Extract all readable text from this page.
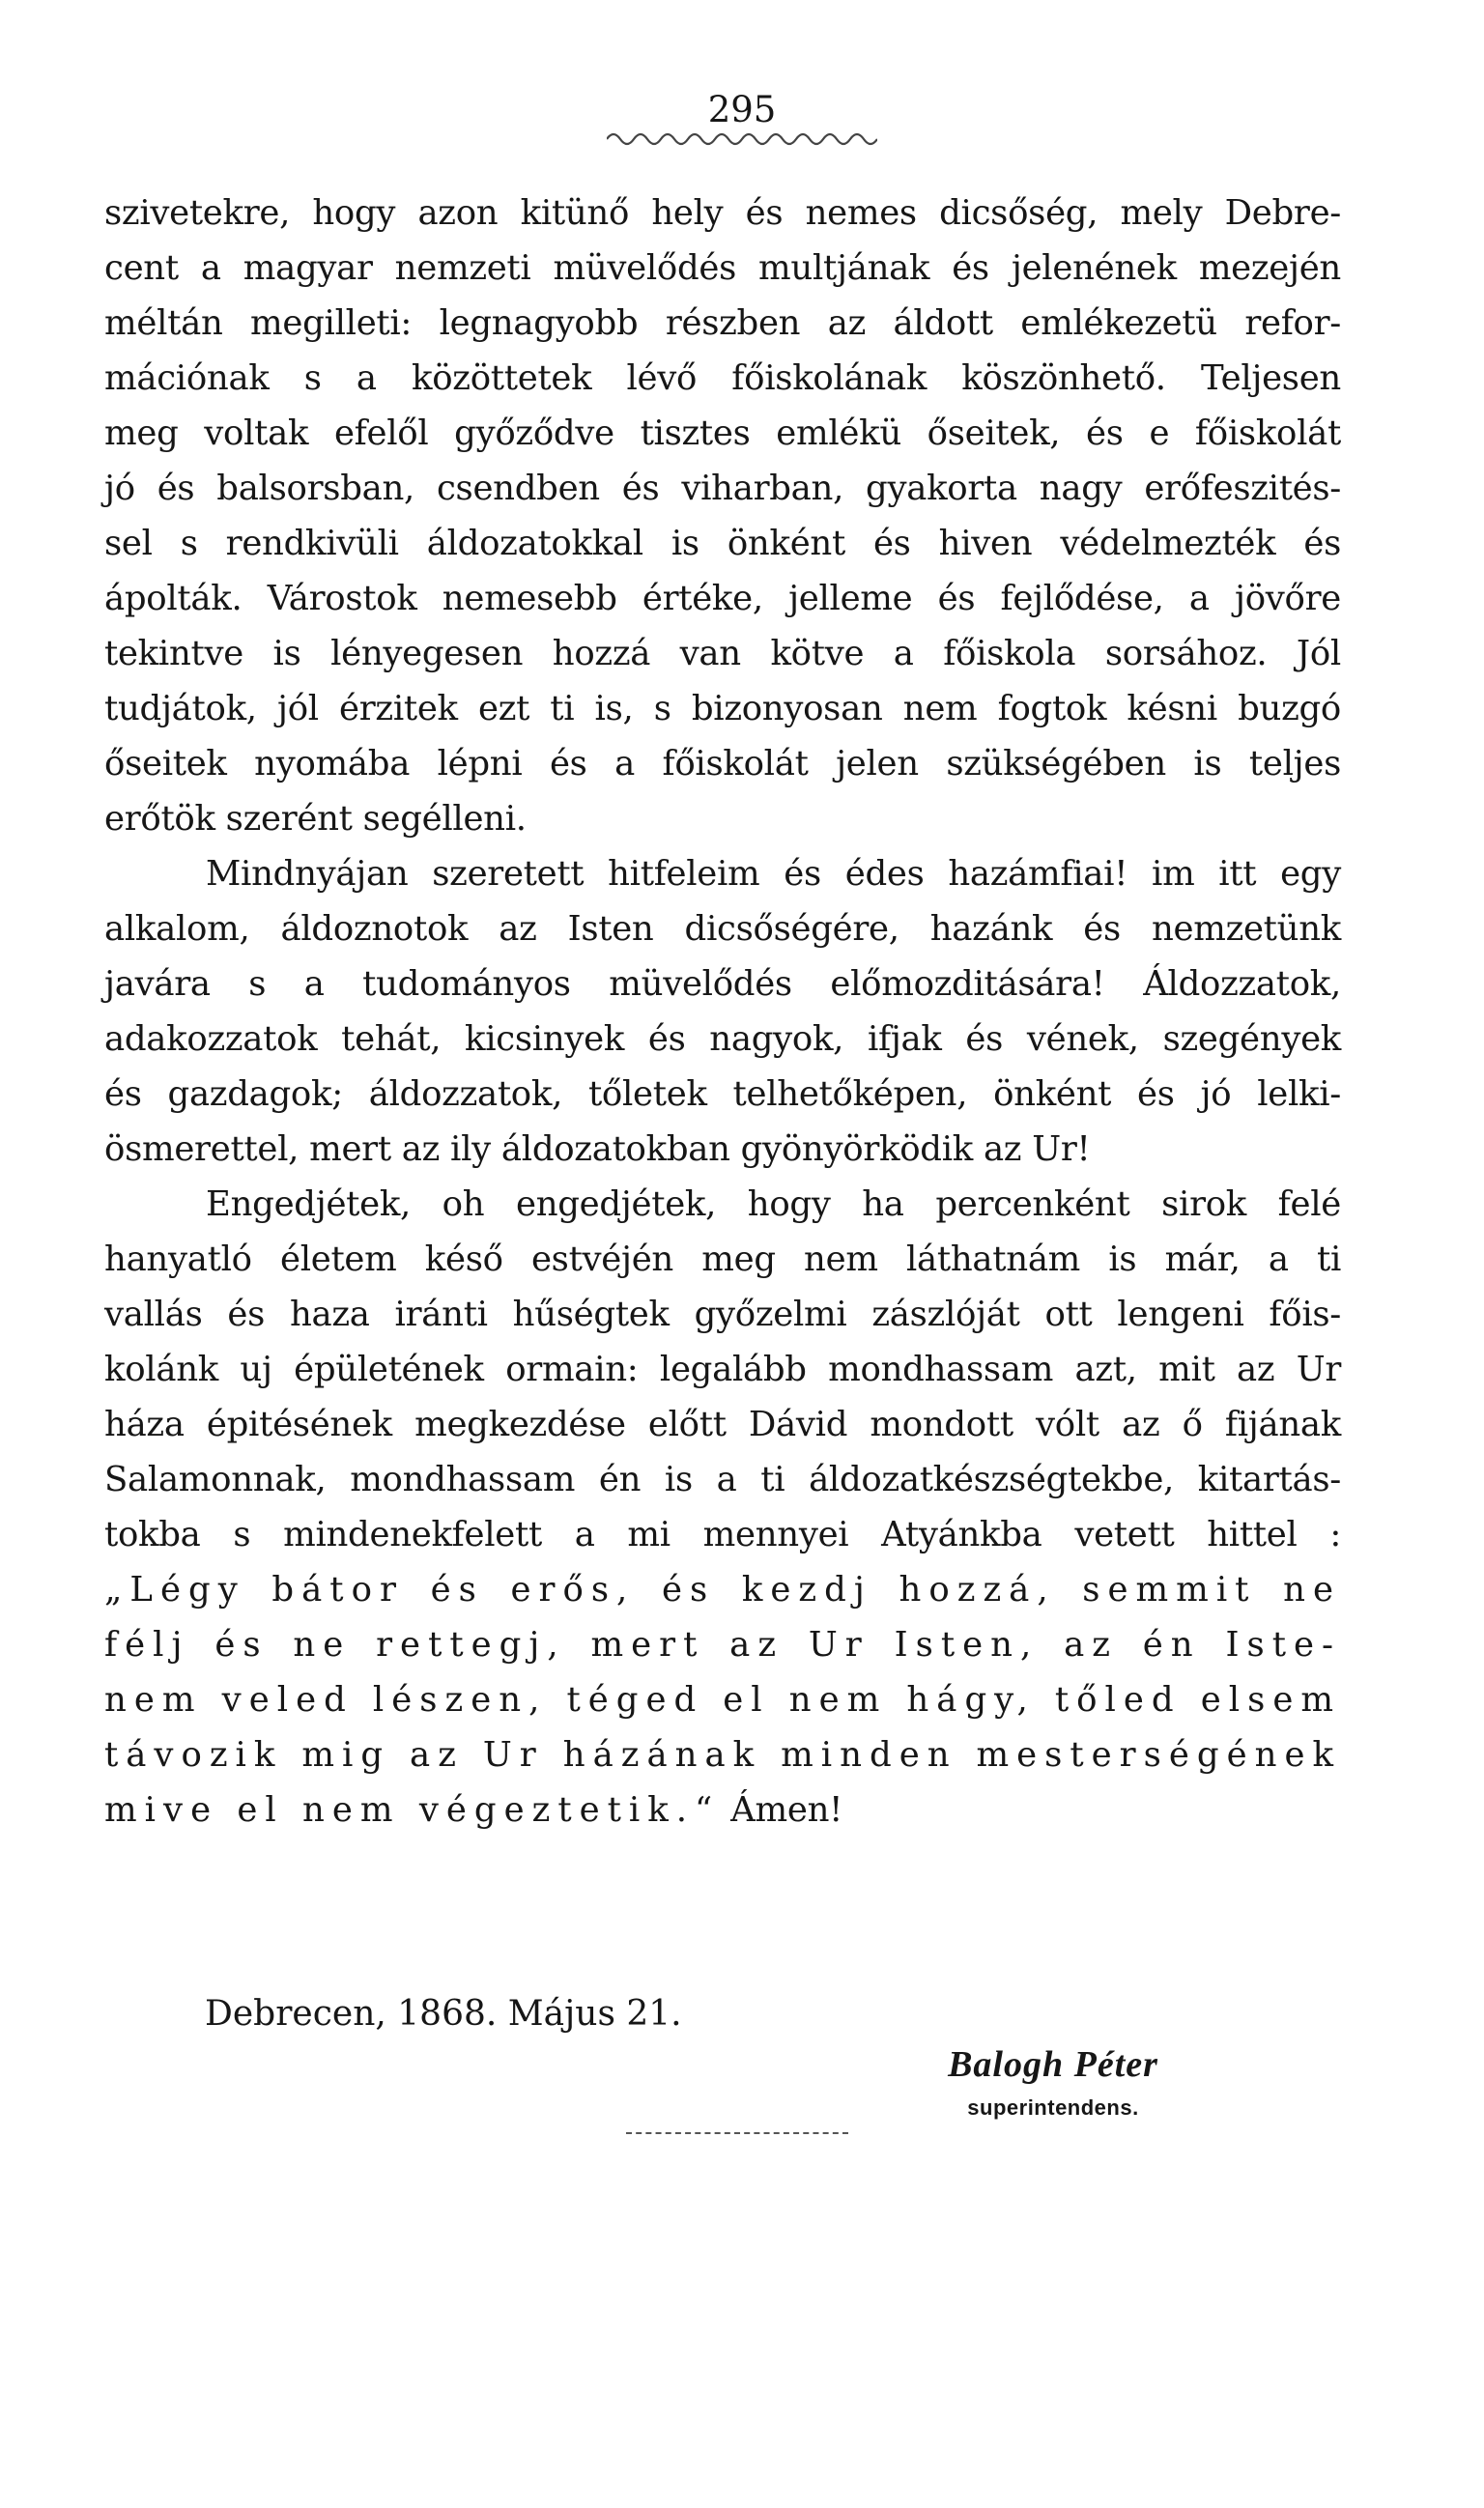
295
szivetekre, hogy azon kitünő hely és nemes dicsőség, mely Debre-
cent a magyar nemzeti müvelődés multjának és jelenének mezején
méltán megilleti: legnagyobb részben az áldott emlékezetü refor-
mációnak s a közöttetek lévő főiskolának köszönhető. Teljesen
meg voltak efelől győződve tisztes emlékü őseitek, és e főiskolát
jó és balsorsban, csendben és viharban, gyakorta nagy erőfeszités-
sel s rendkivüli áldozatokkal is önként és hiven védelmezték és
ápolták. Várostok nemesebb értéke, jelleme és fejlődése, a jövőre
tekintve is lényegesen hozzá van kötve a főiskola sorsához. Jól
tudjátok, jól érzitek ezt ti is, s bizonyosan nem fogtok késni buzgó
őseitek nyomába lépni és a főiskolát jelen szükségében is teljes
erőtök szerént segélleni.
Mindnyájan szeretett hitfeleim és édes hazámfiai! im itt egy
alkalom, áldoznotok az Isten dicsőségére, hazánk és nemzetünk
javára s a tudományos müvelődés előmozditására! Áldozzatok,
adakozzatok tehát, kicsinyek és nagyok, ifjak és vének, szegények
és gazdagok; áldozzatok, tőletek telhetőképen, önként és jó lelki-
ösmerettel, mert az ily áldozatokban gyönyörködik az Ur!
Engedjétek, oh engedjétek, hogy ha percenként sirok felé
hanyatló életem késő estvéjén meg nem láthatnám is már, a ti
vallás és haza iránti hűségtek győzelmi zászlóját ott lengeni főis-
kolánk uj épületének ormain: legalább mondhassam azt, mit az Ur
háza épitésének megkezdése előtt Dávid mondott vólt az ő fijának
Salamonnak, mondhassam én is a ti áldozatkészségtekbe, kitartás-
tokba s mindenekfelett a mi mennyei Atyánkba vetett hittel :
„Légy bátor és erős, és kezdj hozzá, semmit ne
félj és ne rettegj, mert az Ur Isten, az én Iste-
nem veled lészen, téged el nem hágy, tőled elsem
távozik mig az Ur házának minden mesterségének
mive el nem végeztetik.“ Ámen!
Debrecen, 1868. Május 21.
Balogh Péter
superintendens.
